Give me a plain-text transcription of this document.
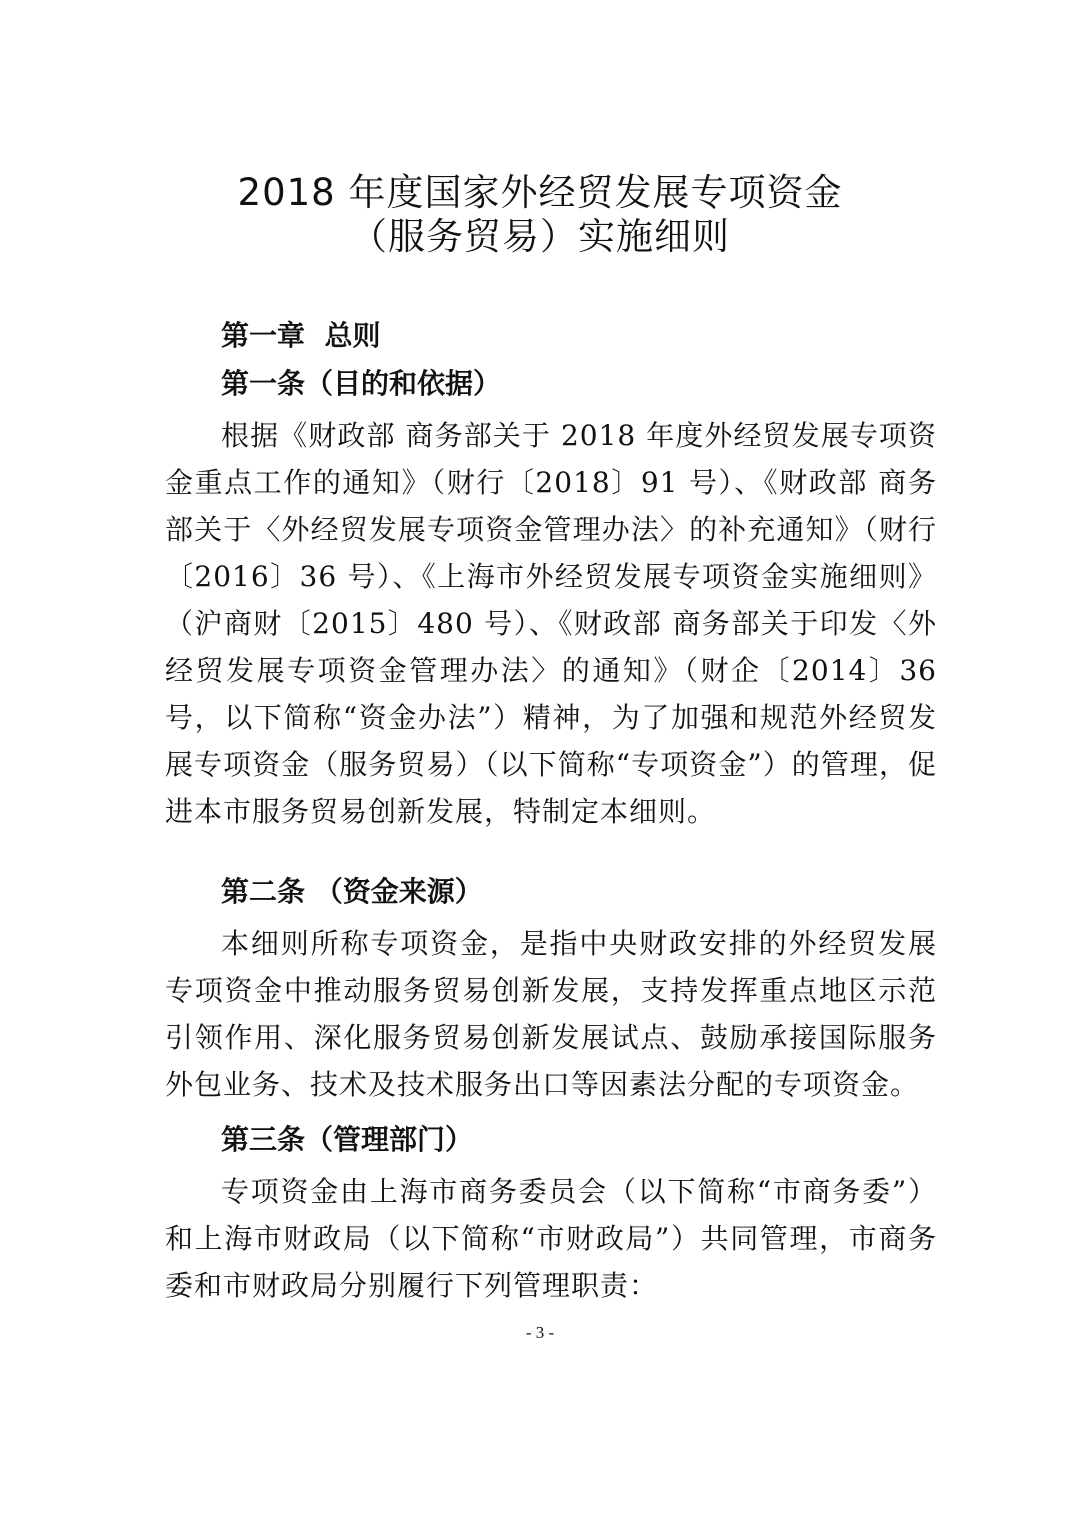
2018 年度国家外经贸发展专项资金
（服务贸易）实施细则
第一章  总则
第一条（目的和依据）

根据《财政部 商务部关于 2018 年度外经贸发展专项资金重点工作的通知》（财行〔2018〕91 号）、《财政部 商务部关于〈外经贸发展专项资金管理办法〉的补充通知》（财行〔2016〕36 号）、《上海市外经贸发展专项资金实施细则》（沪商财〔2015〕480 号）、《财政部 商务部关于印发〈外经贸发展专项资金管理办法〉的通知》（财企〔2014〕36 号，以下简称“资金办法”）精神，为了加强和规范外经贸发展专项资金（服务贸易）（以下简称“专项资金”）的管理，促进本市服务贸易创新发展，特制定本细则。

第二条 （资金来源）

本细则所称专项资金，是指中央财政安排的外经贸发展专项资金中推动服务贸易创新发展，支持发挥重点地区示范引领作用、深化服务贸易创新发展试点、鼓励承接国际服务外包业务、技术及技术服务出口等因素法分配的专项资金。

第三条（管理部门）

专项资金由上海市商务委员会（以下简称“市商务委”）和上海市财政局（以下简称“市财政局”）共同管理，市商务委和市财政局分别履行下列管理职责：

- 3 -
